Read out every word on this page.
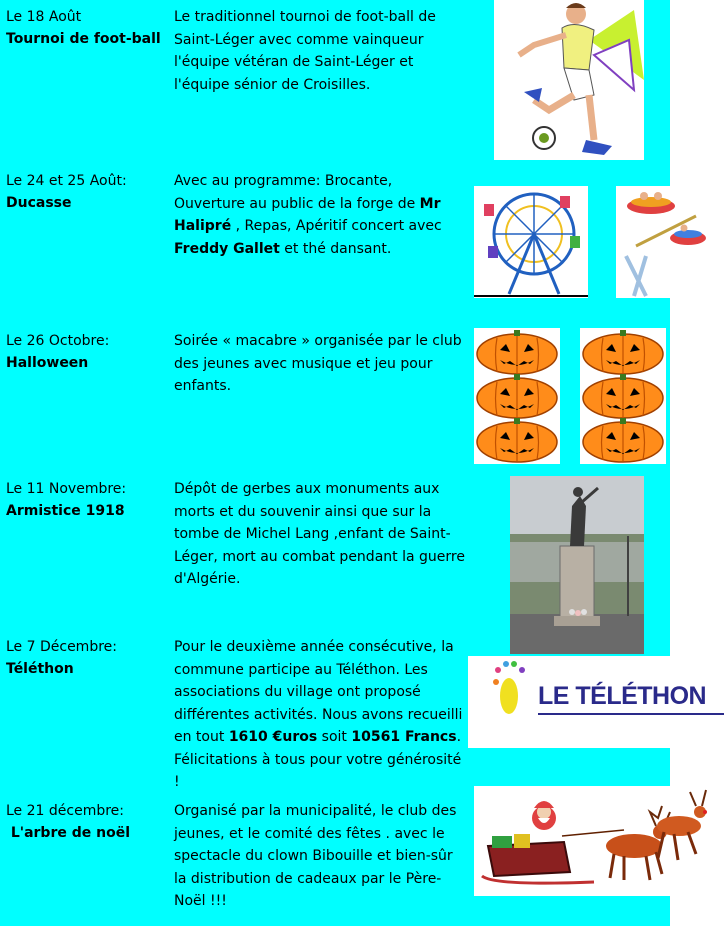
Le 18 Août
Tournoi de foot-ball
Le traditionnel tournoi de foot-ball de Saint-Léger avec comme vainqueur l'équipe vétéran de Saint-Léger et l'équipe sénior de Croisilles.
Le 24 et 25 Août:
Ducasse
Avec au programme: Brocante, Ouverture au public de la forge de Mr Halipré , Repas, Apéritif concert avec
Freddy Gallet et thé dansant.
Le 26 Octobre:
Halloween
Soirée « macabre » organisée par le club des jeunes avec musique et jeu pour enfants.
Le 11 Novembre:
Armistice 1918
Dépôt de gerbes aux monuments aux morts et du souvenir ainsi que sur la tombe de Michel Lang ,enfant de Saint-Léger, mort au combat pendant la guerre d'Algérie.
Le 7 Décembre:
Téléthon
Pour le deuxième année consécutive, la commune participe au Téléthon. Les associations du village ont proposé différentes activités. Nous avons recueilli en tout 1610 €uros soit 10561 Francs. Félicitations à tous pour votre générosité !
LE TÉLÉTHON
Le 21 décembre:
L'arbre de noël
Organisé par la municipalité, le club des jeunes, et le comité des fêtes . avec le spectacle du clown Bibouille et bien-sûr la distribution de cadeaux par le Père-Noël !!!
